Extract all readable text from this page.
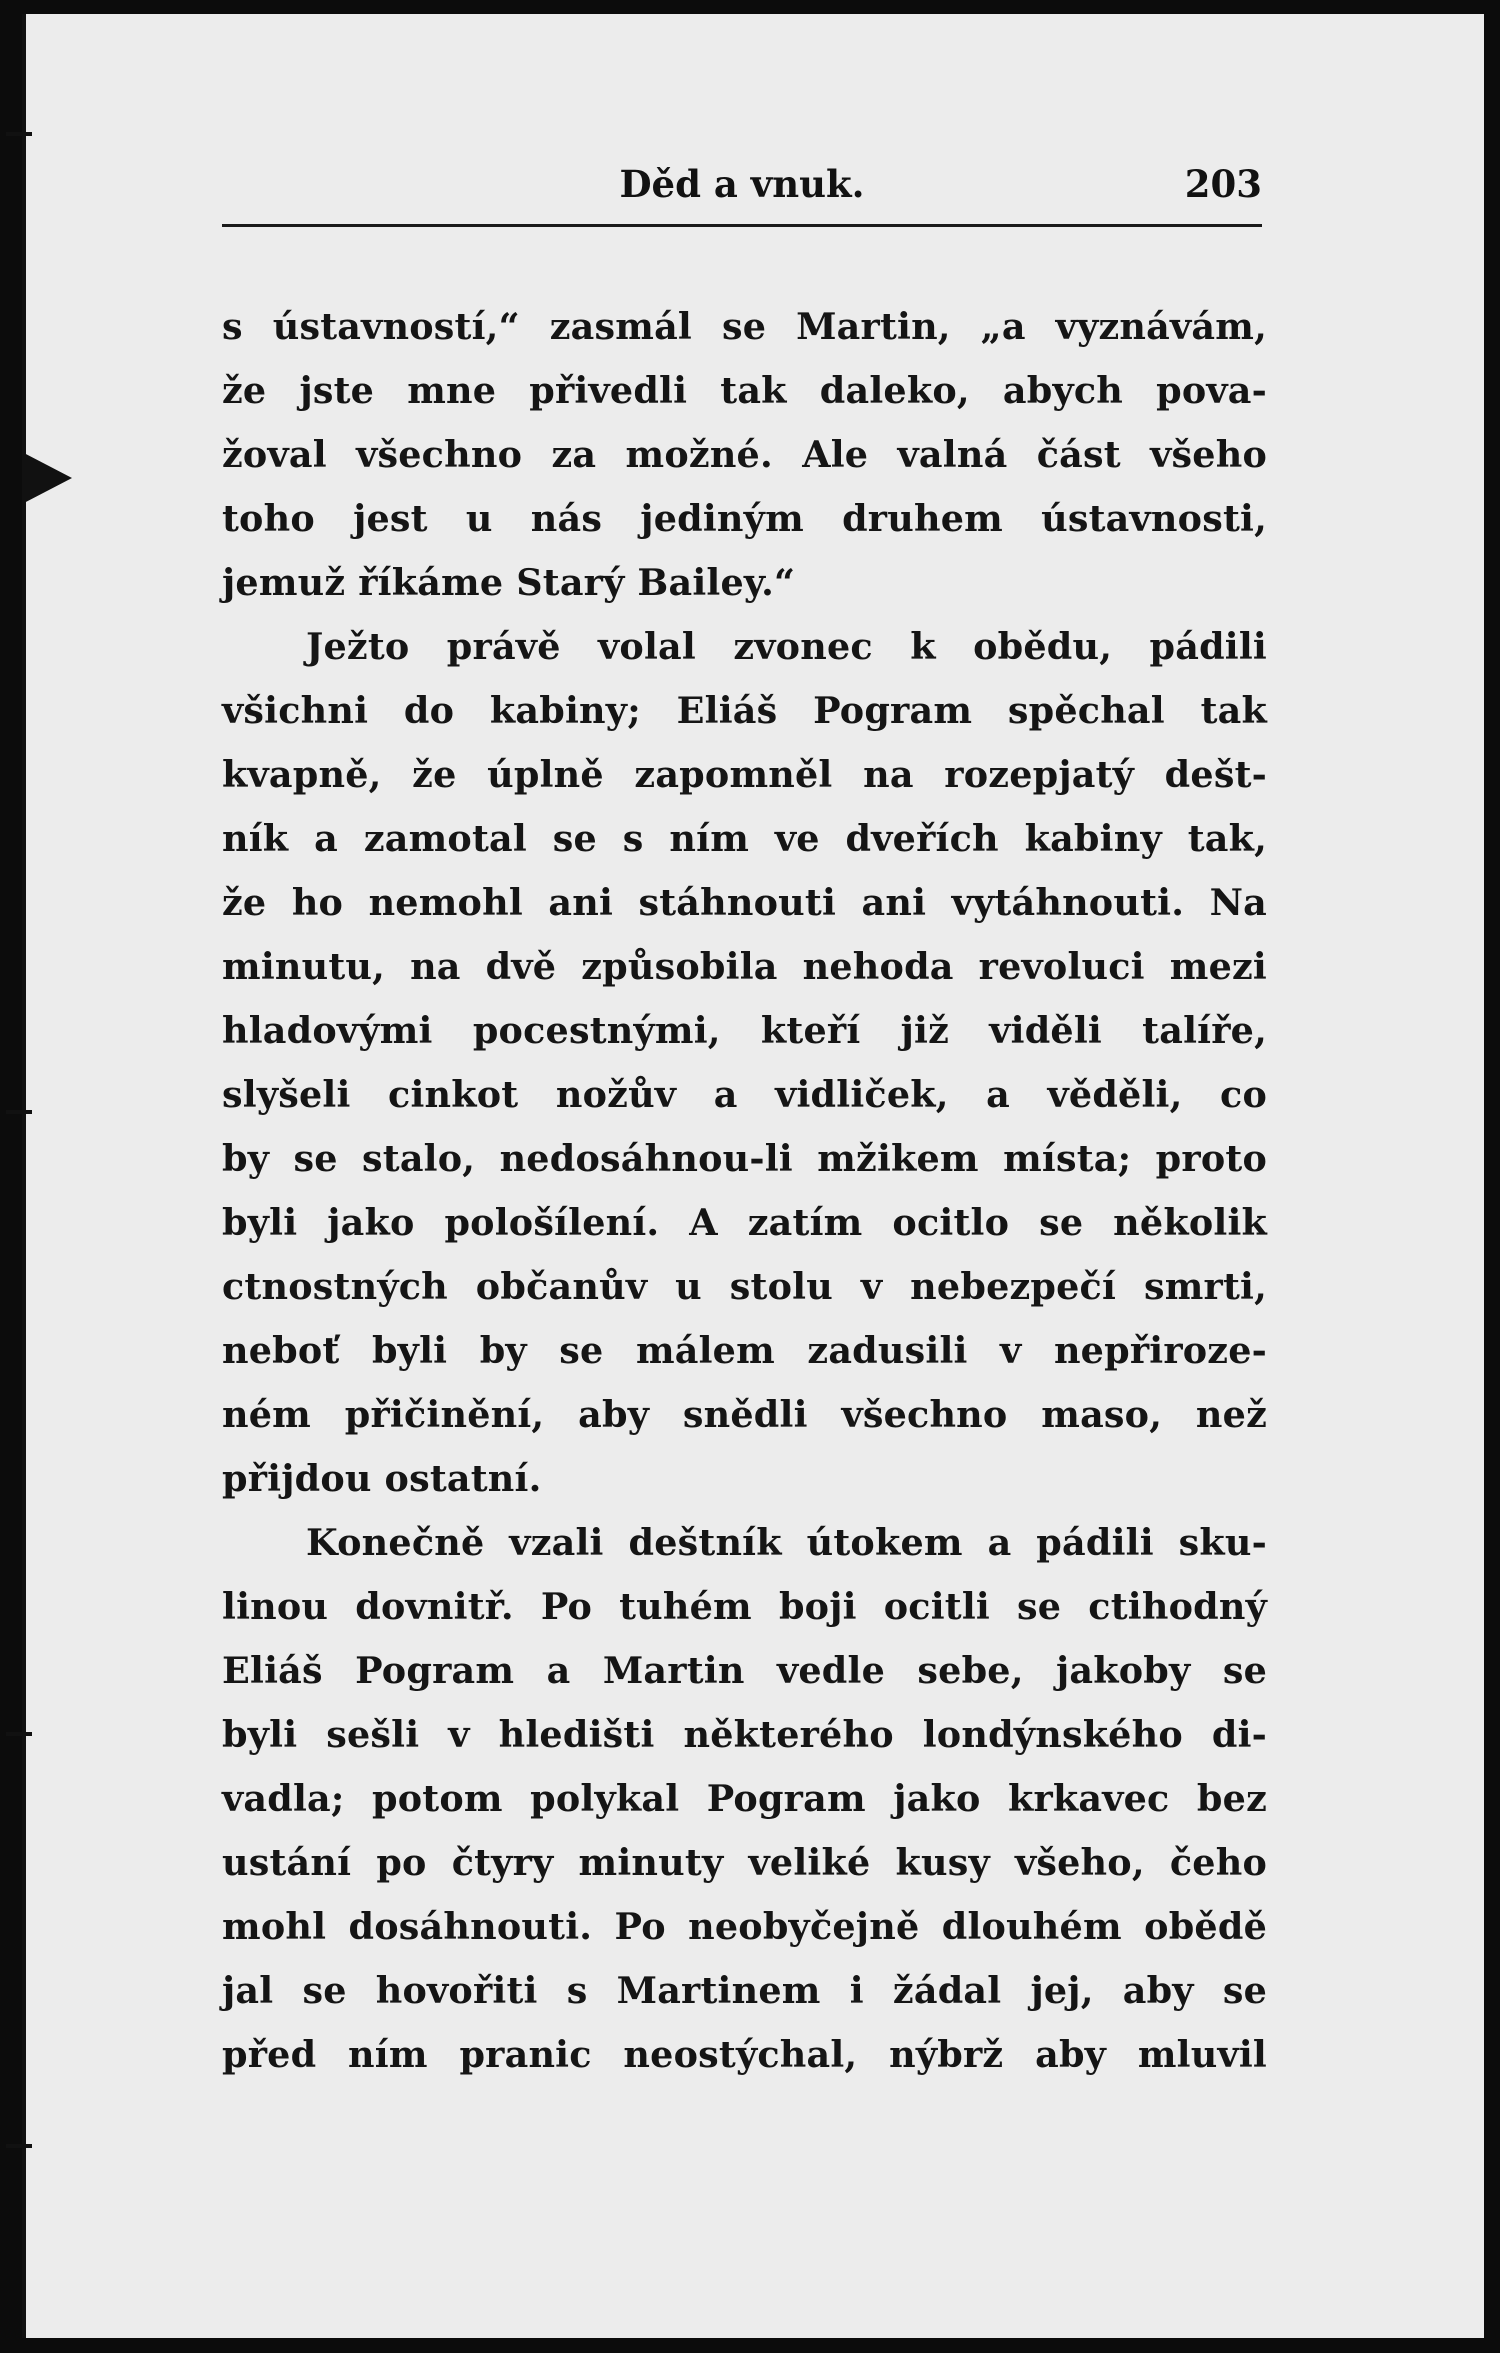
Děd a vnuk.	203
s ústavností,“ zasmál se Martin, „a vyznávám,
že jste mne přivedli tak daleko, abych pova-
žoval všechno za možné. Ale valná část všeho
toho jest u nás jediným druhem ústavnosti,
jemuž říkáme Starý Bailey.“
Ježto právě volal zvonec k obědu, pádili
všichni do kabiny; Eliáš Pogram spěchal tak
kvapně, že úplně zapomněl na rozepjatý dešt-
ník a zamotal se s ním ve dveřích kabiny tak,
že ho nemohl ani stáhnouti ani vytáhnouti. Na
minutu, na dvě způsobila nehoda revoluci mezi
hladovými pocestnými, kteří již viděli talíře,
slyšeli cinkot nožův a vidliček, a věděli, co
by se stalo, nedosáhnou-li mžikem místa; proto
byli jako pološílení. A zatím ocitlo se několik
ctnostných občanův u stolu v nebezpečí smrti,
neboť byli by se málem zadusili v nepřiroze-
ném přičinění, aby snědli všechno maso, než
přijdou ostatní.
Konečně vzali deštník útokem a pádili sku-
linou dovnitř. Po tuhém boji ocitli se ctihodný
Eliáš Pogram a Martin vedle sebe, jakoby se
byli sešli v hledišti některého londýnského di-
vadla; potom polykal Pogram jako krkavec bez
ustání po čtyry minuty veliké kusy všeho, čeho
mohl dosáhnouti. Po neobyčejně dlouhém obědě
jal se hovořiti s Martinem i žádal jej, aby se
před ním pranic neostýchal, nýbrž aby mluvil
